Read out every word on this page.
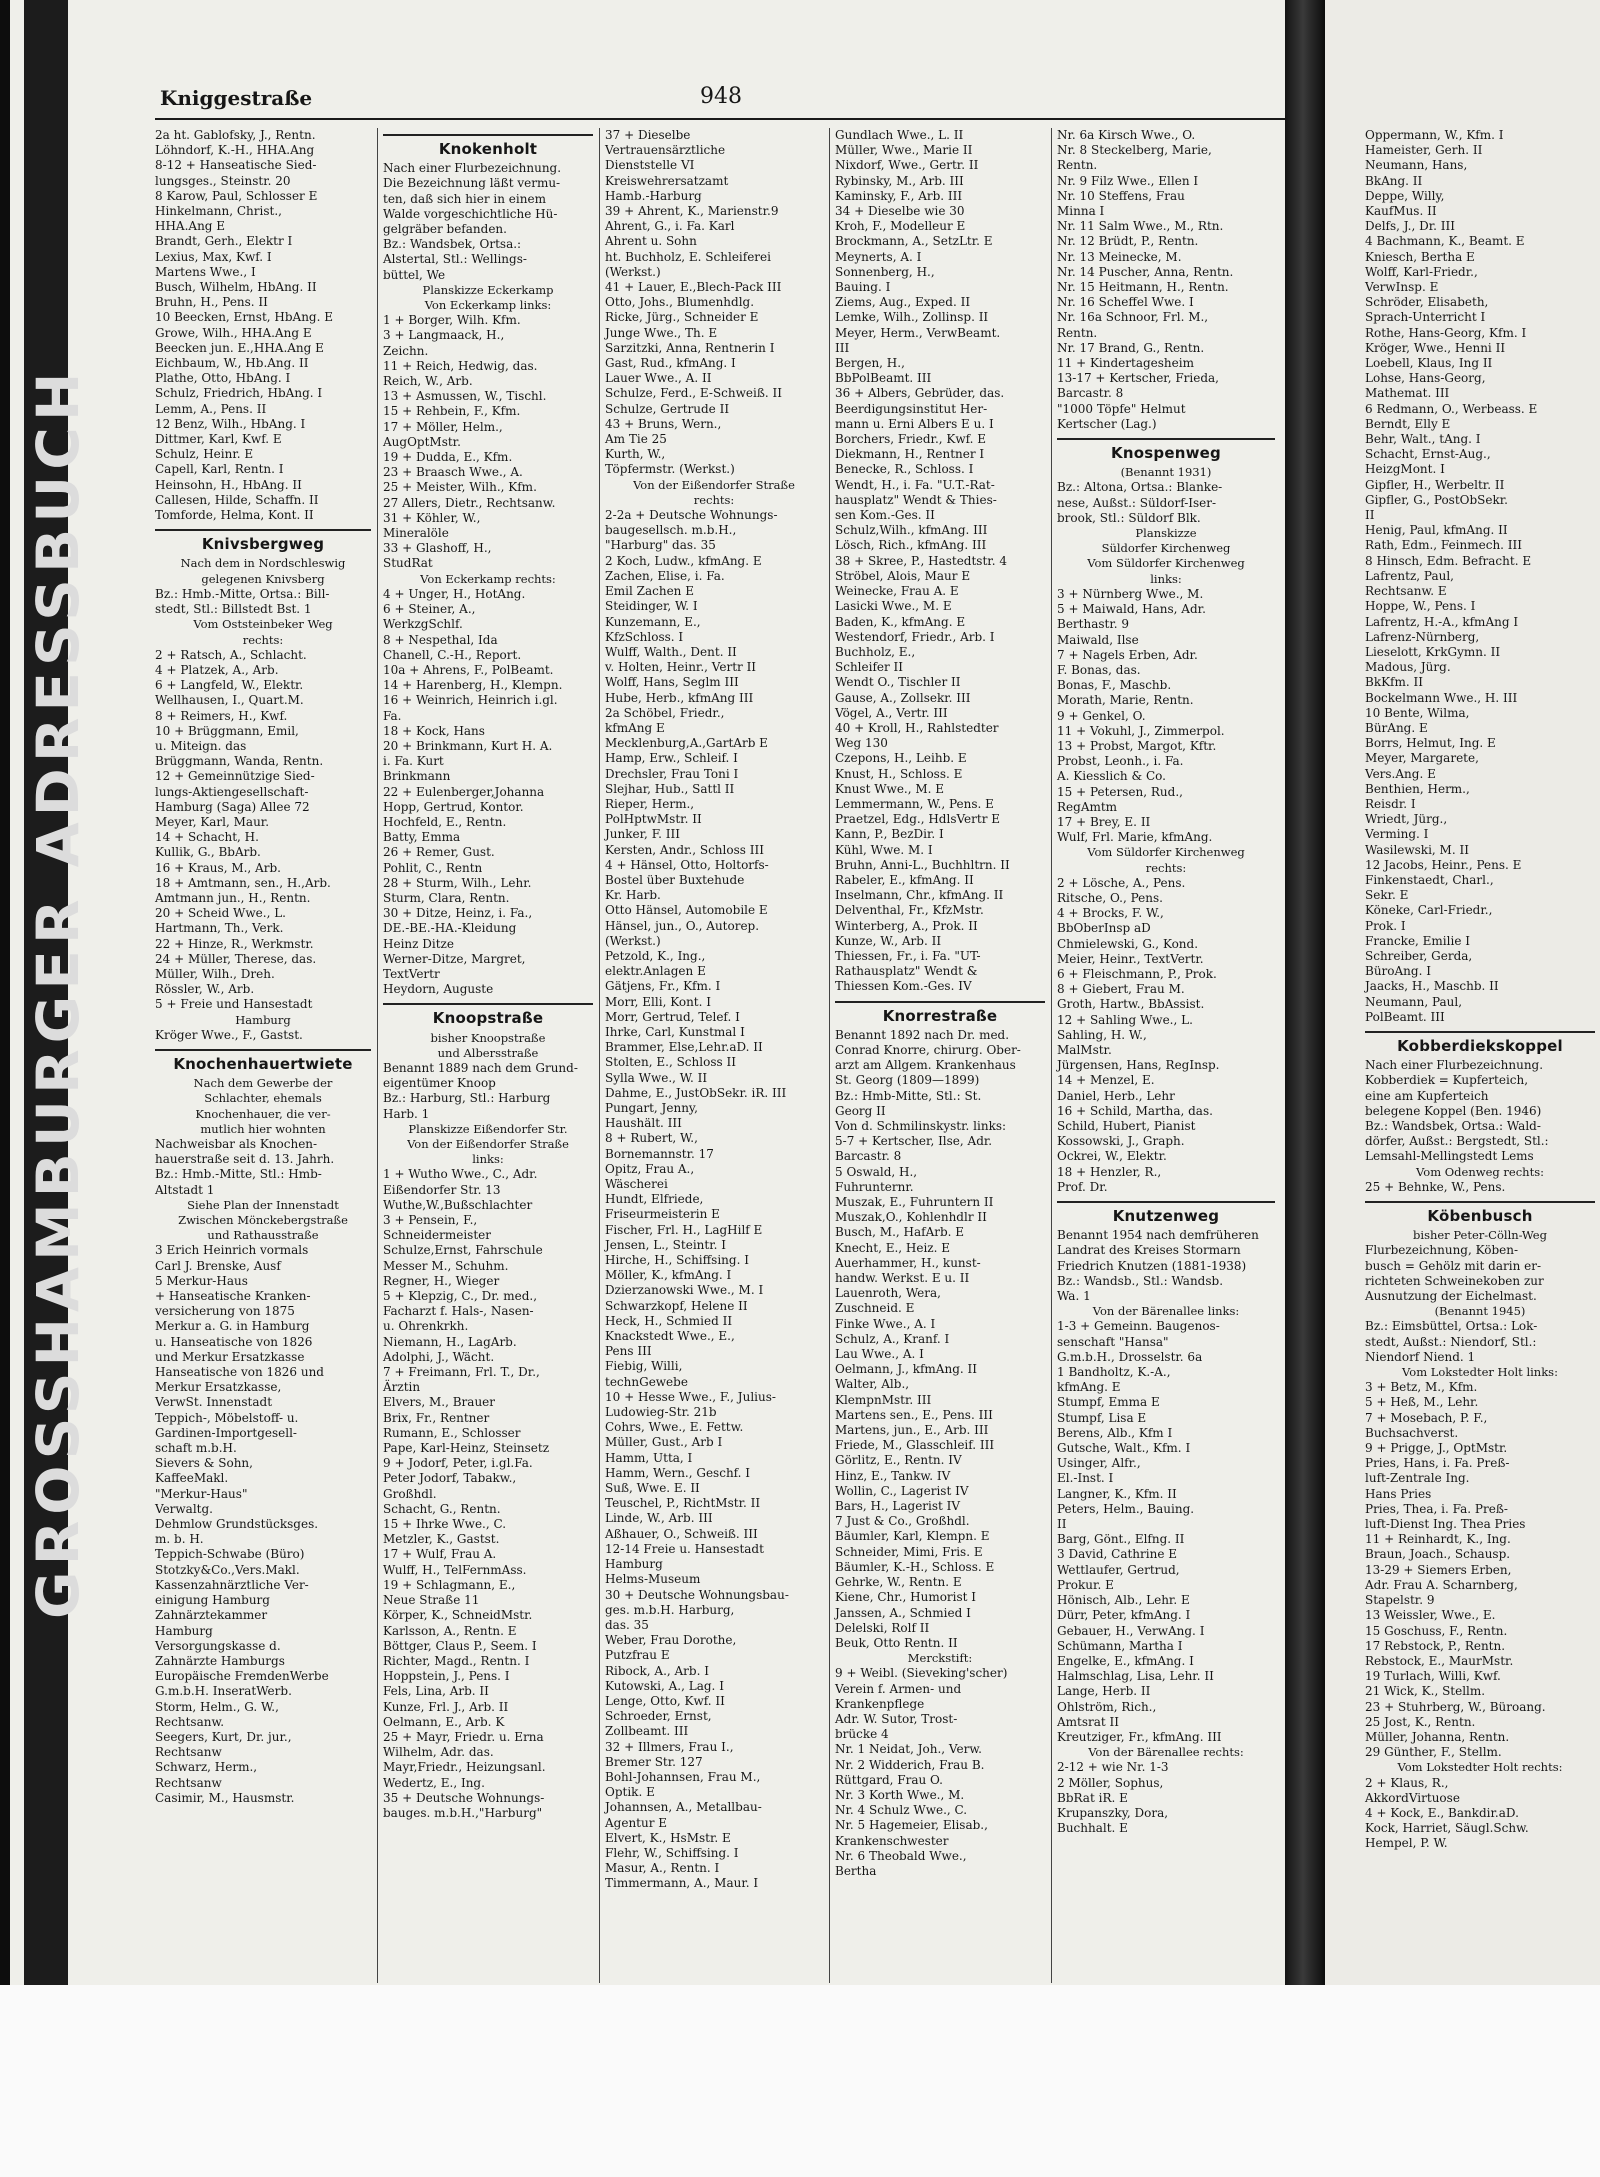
GROSSHAMBURGER ADRESSBUCH
Kniggestraße	948
2a ht. Gablofsky, J., Rentn.
Löhndorf, K.-H., HHA.Ang
8-12 + Hanseatische Sied-
lungsges., Steinstr. 20
8 Karow, Paul, Schlosser E
Hinkelmann, Christ.,
HHA.Ang E
Brandt, Gerh., Elektr I
Lexius, Max, Kwf. I
Martens Wwe., I
Busch, Wilhelm, HbAng. II
Bruhn, H., Pens. II
10 Beecken, Ernst, HbAng. E
Growe, Wilh., HHA.Ang E
Beecken jun. E.,HHA.Ang E
Eichbaum, W., Hb.Ang. II
Plathe, Otto, HbAng. I
Schulz, Friedrich, HbAng. I
Lemm, A., Pens. II
12 Benz, Wilh., HbAng. I
Dittmer, Karl, Kwf. E
Schulz, Heinr. E
Capell, Karl, Rentn. I
Heinsohn, H., HbAng. II
Callesen, Hilde, Schaffn. II
Tomforde, Helma, Kont. II
Knivsbergweg
Nach dem in Nordschleswig
gelegenen Knivsberg
Bz.: Hmb.-Mitte, Ortsa.: Bill-
stedt, Stl.: Billstedt Bst. 1
Vom Oststeinbeker Weg
rechts:
2 + Ratsch, A., Schlacht.
4 + Platzek, A., Arb.
6 + Langfeld, W., Elektr.
Wellhausen, I., Quart.M.
8 + Reimers, H., Kwf.
10 + Brüggmann, Emil,
u. Miteign. das
Brüggmann, Wanda, Rentn.
12 + Gemeinnützige Sied-
lungs-Aktiengesellschaft-
Hamburg (Saga) Allee 72
Meyer, Karl, Maur.
14 + Schacht, H.
Kullik, G., BbArb.
16 + Kraus, M., Arb.
18 + Amtmann, sen., H.,Arb.
Amtmann jun., H., Rentn.
20 + Scheid Wwe., L.
Hartmann, Th., Verk.
22 + Hinze, R., Werkmstr.
24 + Müller, Therese, das.
Müller, Wilh., Dreh.
Rössler, W., Arb.
5 + Freie und Hansestadt
Hamburg
Kröger Wwe., F., Gastst.
Knochenhauertwiete
Nach dem Gewerbe der
Schlachter, ehemals
Knochenhauer, die ver-
mutlich hier wohnten
Nachweisbar als Knochen-
hauerstraße seit d. 13. Jahrh.
Bz.: Hmb.-Mitte, Stl.: Hmb-
Altstadt 1
Siehe Plan der Innenstadt
Zwischen Mönckebergstraße
und Rathausstraße
3 Erich Heinrich vormals
Carl J. Brenske, Ausf
5 Merkur-Haus
+ Hanseatische Kranken-
versicherung von 1875
Merkur a. G. in Hamburg
u. Hanseatische von 1826
und Merkur Ersatzkasse
Hanseatische von 1826 und
Merkur Ersatzkasse,
VerwSt. Innenstadt
Teppich-, Möbelstoff- u.
Gardinen-Importgesell-
schaft m.b.H.
Sievers & Sohn,
KaffeeMakl.
"Merkur-Haus"
Verwaltg.
Dehmlow Grundstücksges.
m. b. H.
Teppich-Schwabe (Büro)
Stotzky&Co.,Vers.Makl.
Kassenzahnärztliche Ver-
einigung Hamburg
Zahnärztekammer
Hamburg
Versorgungskasse d.
Zahnärzte Hamburgs
Europäische FremdenWerbe
G.m.b.H. InseratWerb.
Storm, Helm., G. W.,
Rechtsanw.
Seegers, Kurt, Dr. jur.,
Rechtsanw
Schwarz, Herm.,
Rechtsanw
Casimir, M., Hausmstr.
Knokenholt
Nach einer Flurbezeichnung.
Die Bezeichnung läßt vermu-
ten, daß sich hier in einem
Walde vorgeschichtliche Hü-
gelgräber befanden.
Bz.: Wandsbek, Ortsa.:
Alstertal, Stl.: Wellings-
büttel, We
Planskizze Eckerkamp
Von Eckerkamp links:
1 + Borger, Wilh. Kfm.
3 + Langmaack, H.,
Zeichn.
11 + Reich, Hedwig, das.
Reich, W., Arb.
13 + Asmussen, W., Tischl.
15 + Rehbein, F., Kfm.
17 + Möller, Helm.,
AugOptMstr.
19 + Dudda, E., Kfm.
23 + Braasch Wwe., A.
25 + Meister, Wilh., Kfm.
27 Allers, Dietr., Rechtsanw.
31 + Köhler, W.,
Mineralöle
33 + Glashoff, H.,
StudRat
Von Eckerkamp rechts:
4 + Unger, H., HotAng.
6 + Steiner, A.,
WerkzgSchlf.
8 + Nespethal, Ida
Chanell, C.-H., Report.
10a + Ahrens, F., PolBeamt.
14 + Harenberg, H., Klempn.
16 + Weinrich, Heinrich i.gl.
Fa.
18 + Kock, Hans
20 + Brinkmann, Kurt H. A.
i. Fa. Kurt
Brinkmann
22 + Eulenberger,Johanna
Hopp, Gertrud, Kontor.
Hochfeld, E., Rentn.
Batty, Emma
26 + Remer, Gust.
Pohlit, C., Rentn
28 + Sturm, Wilh., Lehr.
Sturm, Clara, Rentn.
30 + Ditze, Heinz, i. Fa.,
DE.-BE.-HA.-Kleidung
Heinz Ditze
Werner-Ditze, Margret,
TextVertr
Heydorn, Auguste
Knoopstraße
bisher Knoopstraße
und Albersstraße
Benannt 1889 nach dem Grund-
eigentümer Knoop
Bz.: Harburg, Stl.: Harburg
Harb. 1
Planskizze Eißendorfer Str.
Von der Eißendorfer Straße
links:
1 + Wutho Wwe., C., Adr.
Eißendorfer Str. 13
Wuthe,W.,Bußschlachter
3 + Pensein, F.,
Schneidermeister
Schulze,Ernst, Fahrschule
Messer M., Schuhm.
Regner, H., Wieger
5 + Klepzig, C., Dr. med.,
Facharzt f. Hals-, Nasen-
u. Ohrenkrkh.
Niemann, H., LagArb.
Adolphi, J., Wächt.
7 + Freimann, Frl. T., Dr.,
Ärztin
Elvers, M., Brauer
Brix, Fr., Rentner
Rumann, E., Schlosser
Pape, Karl-Heinz, Steinsetz
9 + Jodorf, Peter, i.gl.Fa.
Peter Jodorf, Tabakw.,
Großhdl.
Schacht, G., Rentn.
15 + Ihrke Wwe., C.
Metzler, K., Gastst.
17 + Wulf, Frau A.
Wulff, H., TelFernmAss.
19 + Schlagmann, E.,
Neue Straße 11
Körper, K., SchneidMstr.
Karlsson, A., Rentn. E
Böttger, Claus P., Seem. I
Richter, Magd., Rentn. I
Hoppstein, J., Pens. I
Fels, Lina, Arb. II
Kunze, Frl. J., Arb. II
Oelmann, E., Arb. K
25 + Mayr, Friedr. u. Erna
Wilhelm, Adr. das.
Mayr,Friedr., Heizungsanl.
Wedertz, E., Ing.
35 + Deutsche Wohnungs-
bauges. m.b.H.,"Harburg"
37 + Dieselbe
Vertrauensärztliche
Dienststelle VI
Kreiswehrersatzamt
Hamb.-Harburg
39 + Ahrent, K., Marienstr.9
Ahrent, G., i. Fa. Karl
Ahrent u. Sohn
ht. Buchholz, E. Schleiferei
(Werkst.)
41 + Lauer, E.,Blech-Pack III
Otto, Johs., Blumenhdlg.
Ricke, Jürg., Schneider E
Junge Wwe., Th. E
Sarzitzki, Anna, Rentnerin I
Gast, Rud., kfmAng. I
Lauer Wwe., A. II
Schulze, Ferd., E-Schweiß. II
Schulze, Gertrude II
43 + Bruns, Wern.,
Am Tie 25
Kurth, W.,
Töpfermstr. (Werkst.)
Von der Eißendorfer Straße
rechts:
2-2a + Deutsche Wohnungs-
baugesellsch. m.b.H.,
"Harburg" das. 35
2 Koch, Ludw., kfmAng. E
Zachen, Elise, i. Fa.
Emil Zachen E
Steidinger, W. I
Kunzemann, E.,
KfzSchloss. I
Wulff, Walth., Dent. II
v. Holten, Heinr., Vertr II
Wolff, Hans, Seglm III
Hube, Herb., kfmAng III
2a Schöbel, Friedr.,
kfmAng E
Mecklenburg,A.,GartArb E
Hamp, Erw., Schleif. I
Drechsler, Frau Toni I
Slejhar, Hub., Sattl II
Rieper, Herm.,
PolHptwMstr. II
Junker, F. III
Kersten, Andr., Schloss III
4 + Hänsel, Otto, Holtorfs-
Bostel über Buxtehude
Kr. Harb.
Otto Hänsel, Automobile E
Hänsel, jun., O., Autorep.
(Werkst.)
Petzold, K., Ing.,
elektr.Anlagen E
Gätjens, Fr., Kfm. I
Morr, Elli, Kont. I
Morr, Gertrud, Telef. I
Ihrke, Carl, Kunstmal I
Brammer, Else,Lehr.aD. II
Stolten, E., Schloss II
Sylla Wwe., W. II
Dahme, E., JustObSekr. iR. III
Pungart, Jenny,
Haushält. III
8 + Rubert, W.,
Bornemannstr. 17
Opitz, Frau A.,
Wäscherei
Hundt, Elfriede,
Friseurmeisterin E
Fischer, Frl. H., LagHilf E
Jensen, L., Steintr. I
Hirche, H., Schiffsing. I
Möller, K., kfmAng. I
Dzierzanowski Wwe., M. I
Schwarzkopf, Helene II
Heck, H., Schmied II
Knackstedt Wwe., E.,
Pens III
Fiebig, Willi,
technGewebe
10 + Hesse Wwe., F., Julius-
Ludowieg-Str. 21b
Cohrs, Wwe., E. Fettw.
Müller, Gust., Arb I
Hamm, Utta, I
Hamm, Wern., Geschf. I
Suß, Wwe. E. II
Teuschel, P., RichtMstr. II
Linde, W., Arb. III
Aßhauer, O., Schweiß. III
12-14 Freie u. Hansestadt
Hamburg
Helms-Museum
30 + Deutsche Wohnungsbau-
ges. m.b.H. Harburg,
das. 35
Weber, Frau Dorothe,
Putzfrau E
Ribock, A., Arb. I
Kutowski, A., Lag. I
Lenge, Otto, Kwf. II
Schroeder, Ernst,
Zollbeamt. III
32 + Illmers, Frau I.,
Bremer Str. 127
Bohl-Johannsen, Frau M.,
Optik. E
Johannsen, A., Metallbau-
Agentur E
Elvert, K., HsMstr. E
Flehr, W., Schiffsing. I
Masur, A., Rentn. I
Timmermann, A., Maur. I
Gundlach Wwe., L. II
Müller, Wwe., Marie II
Nixdorf, Wwe., Gertr. II
Rybinsky, M., Arb. III
Kaminsky, F., Arb. III
34 + Dieselbe wie 30
Kroh, F., Modelleur E
Brockmann, A., SetzLtr. E
Meynerts, A. I
Sonnenberg, H.,
Bauing. I
Ziems, Aug., Exped. II
Lemke, Wilh., Zollinsp. II
Meyer, Herm., VerwBeamt.
III
Bergen, H.,
BbPolBeamt. III
36 + Albers, Gebrüder, das.
Beerdigungsinstitut Her-
mann u. Erni Albers E u. I
Borchers, Friedr., Kwf. E
Diekmann, H., Rentner I
Benecke, R., Schloss. I
Wendt, H., i. Fa. "U.T.-Rat-
hausplatz" Wendt & Thies-
sen Kom.-Ges. II
Schulz,Wilh., kfmAng. III
Lösch, Rich., kfmAng. III
38 + Skree, P., Hastedtstr. 4
Ströbel, Alois, Maur E
Weinecke, Frau A. E
Lasicki Wwe., M. E
Baden, K., kfmAng. E
Westendorf, Friedr., Arb. I
Buchholz, E.,
Schleifer II
Wendt O., Tischler II
Gause, A., Zollsekr. III
Vögel, A., Vertr. III
40 + Kroll, H., Rahlstedter
Weg 130
Czepons, H., Leihb. E
Knust, H., Schloss. E
Knust Wwe., M. E
Lemmermann, W., Pens. E
Praetzel, Edg., HdlsVertr E
Kann, P., BezDir. I
Kühl, Wwe. M. I
Bruhn, Anni-L., Buchhltrn. II
Rabeler, E., kfmAng. II
Inselmann, Chr., kfmAng. II
Delventhal, Fr., KfzMstr.
Winterberg, A., Prok. II
Kunze, W., Arb. II
Thiessen, Fr., i. Fa. "UT-
Rathausplatz" Wendt &
Thiessen Kom.-Ges. IV
Knorrestraße
Benannt 1892 nach Dr. med.
Conrad Knorre, chirurg. Ober-
arzt am Allgem. Krankenhaus
St. Georg (1809—1899)
Bz.: Hmb-Mitte, Stl.: St.
Georg II
Von d. Schmilinskystr. links:
5-7 + Kertscher, Ilse, Adr.
Barcastr. 8
5 Oswald, H.,
Fuhrunternr.
Muszak, E., Fuhruntern II
Muszak,O., Kohlenhdlr II
Busch, M., HafArb. E
Knecht, E., Heiz. E
Auerhammer, H., kunst-
handw. Werkst. E u. II
Lauenroth, Wera,
Zuschneid. E
Finke Wwe., A. I
Schulz, A., Kranf. I
Lau Wwe., A. I
Oelmann, J., kfmAng. II
Walter, Alb.,
KlempnMstr. III
Martens sen., E., Pens. III
Martens, jun., E., Arb. III
Friede, M., Glasschleif. III
Görlitz, E., Rentn. IV
Hinz, E., Tankw. IV
Wollin, C., Lagerist IV
Bars, H., Lagerist IV
7 Just & Co., Großhdl.
Bäumler, Karl, Klempn. E
Schneider, Mimi, Fris. E
Bäumler, K.-H., Schloss. E
Gehrke, W., Rentn. E
Kiene, Chr., Humorist I
Janssen, A., Schmied I
Delelski, Rolf II
Beuk, Otto Rentn. II
Merckstift:
9 + Weibl. (Sieveking'scher)
Verein f. Armen- und
Krankenpflege
Adr. W. Sutor, Trost-
brücke 4
Nr. 1 Neidat, Joh., Verw.
Nr. 2 Widderich, Frau B.
Rüttgard, Frau O.
Nr. 3 Korth Wwe., M.
Nr. 4 Schulz Wwe., C.
Nr. 5 Hagemeier, Elisab.,
Krankenschwester
Nr. 6 Theobald Wwe.,
Bertha
Nr. 6a Kirsch Wwe., O.
Nr. 8 Steckelberg, Marie,
Rentn.
Nr. 9 Filz Wwe., Ellen I
Nr. 10 Steffens, Frau
Minna I
Nr. 11 Salm Wwe., M., Rtn.
Nr. 12 Brüdt, P., Rentn.
Nr. 13 Meinecke, M.
Nr. 14 Puscher, Anna, Rentn.
Nr. 15 Heitmann, H., Rentn.
Nr. 16 Scheffel Wwe. I
Nr. 16a Schnoor, Frl. M.,
Rentn.
Nr. 17 Brand, G., Rentn.
11 + Kindertagesheim
13-17 + Kertscher, Frieda,
Barcastr. 8
"1000 Töpfe" Helmut
Kertscher (Lag.)
Knospenweg
(Benannt 1931)
Bz.: Altona, Ortsa.: Blanke-
nese, Außst.: Süldorf-Iser-
brook, Stl.: Süldorf Blk.
Planskizze
Süldorfer Kirchenweg
Vom Süldorfer Kirchenweg
links:
3 + Nürnberg Wwe., M.
5 + Maiwald, Hans, Adr.
Berthastr. 9
Maiwald, Ilse
7 + Nagels Erben, Adr.
F. Bonas, das.
Bonas, F., Maschb.
Morath, Marie, Rentn.
9 + Genkel, O.
11 + Vokuhl, J., Zimmerpol.
13 + Probst, Margot, Kftr.
Probst, Leonh., i. Fa.
A. Kiesslich & Co.
15 + Petersen, Rud.,
RegAmtm
17 + Brey, E. II
Wulf, Frl. Marie, kfmAng.
Vom Süldorfer Kirchenweg
rechts:
2 + Lösche, A., Pens.
Ritsche, O., Pens.
4 + Brocks, F. W.,
BbOberInsp aD
Chmielewski, G., Kond.
Meier, Heinr., TextVertr.
6 + Fleischmann, P., Prok.
8 + Giebert, Frau M.
Groth, Hartw., BbAssist.
12 + Sahling Wwe., L.
Sahling, H. W.,
MalMstr.
Jürgensen, Hans, RegInsp.
14 + Menzel, E.
Daniel, Herb., Lehr
16 + Schild, Martha, das.
Schild, Hubert, Pianist
Kossowski, J., Graph.
Ockrei, W., Elektr.
18 + Henzler, R.,
Prof. Dr.
Knutzenweg
Benannt 1954 nach demfrüheren
Landrat des Kreises Stormarn
Friedrich Knutzen (1881-1938)
Bz.: Wandsb., Stl.: Wandsb.
Wa. 1
Von der Bärenallee links:
1-3 + Gemeinn. Baugenos-
senschaft "Hansa"
G.m.b.H., Drosselstr. 6a
1 Bandholtz, K.-A.,
kfmAng. E
Stumpf, Emma E
Stumpf, Lisa E
Berens, Alb., Kfm I
Gutsche, Walt., Kfm. I
Usinger, Alfr.,
El.-Inst. I
Langner, K., Kfm. II
Peters, Helm., Bauing.
II
Barg, Gönt., Elfng. II
3 David, Cathrine E
Wettlaufer, Gertrud,
Prokur. E
Hönisch, Alb., Lehr. E
Dürr, Peter, kfmAng. I
Gebauer, H., VerwAng. I
Schümann, Martha I
Engelke, E., kfmAng. I
Halmschlag, Lisa, Lehr. II
Lange, Herb. II
Ohlström, Rich.,
Amtsrat II
Kreutziger, Fr., kfmAng. III
Von der Bärenallee rechts:
2-12 + wie Nr. 1-3
2 Möller, Sophus,
BbRat iR. E
Krupanszky, Dora,
Buchhalt. E
Oppermann, W., Kfm. I
Hameister, Gerh. II
Neumann, Hans,
BkAng. II
Deppe, Willy,
KaufMus. II
Delfs, J., Dr. III
4 Bachmann, K., Beamt. E
Kniesch, Bertha E
Wolff, Karl-Friedr.,
VerwInsp. E
Schröder, Elisabeth,
Sprach-Unterricht I
Rothe, Hans-Georg, Kfm. I
Kröger, Wwe., Henni II
Loebell, Klaus, Ing II
Lohse, Hans-Georg,
Mathemat. III
6 Redmann, O., Werbeass. E
Berndt, Elly E
Behr, Walt., tAng. I
Schacht, Ernst-Aug.,
HeizgMont. I
Gipfler, H., Werbeltr. II
Gipfler, G., PostObSekr.
II
Henig, Paul, kfmAng. II
Rath, Edm., Feinmech. III
8 Hinsch, Edm. Befracht. E
Lafrentz, Paul,
Rechtsanw. E
Hoppe, W., Pens. I
Lafrentz, H.-A., kfmAng I
Lafrenz-Nürnberg,
Lieselott, KrkGymn. II
Madous, Jürg.
BkKfm. II
Bockelmann Wwe., H. III
10 Bente, Wilma,
BürAng. E
Borrs, Helmut, Ing. E
Meyer, Margarete,
Vers.Ang. E
Benthien, Herm.,
Reisdr. I
Wriedt, Jürg.,
Verming. I
Wasilewski, M. II
12 Jacobs, Heinr., Pens. E
Finkenstaedt, Charl.,
Sekr. E
Köneke, Carl-Friedr.,
Prok. I
Francke, Emilie I
Schreiber, Gerda,
BüroAng. I
Jaacks, H., Maschb. II
Neumann, Paul,
PolBeamt. III
Kobberdiekskoppel
Nach einer Flurbezeichnung.
Kobberdiek = Kupferteich,
eine am Kupferteich
belegene Koppel (Ben. 1946)
Bz.: Wandsbek, Ortsa.: Wald-
dörfer, Außst.: Bergstedt, Stl.:
Lemsahl-Mellingstedt Lems
Vom Odenweg rechts:
25 + Behnke, W., Pens.
Köbenbusch
bisher Peter-Cölln-Weg
Flurbezeichnung, Köben-
busch = Gehölz mit darin er-
richteten Schweinekoben zur
Ausnutzung der Eichelmast.
(Benannt 1945)
Bz.: Eimsbüttel, Ortsa.: Lok-
stedt, Außst.: Niendorf, Stl.:
Niendorf Niend. 1
Vom Lokstedter Holt links:
3 + Betz, M., Kfm.
5 + Heß, M., Lehr.
7 + Mosebach, P. F.,
Buchsachverst.
9 + Prigge, J., OptMstr.
Pries, Hans, i. Fa. Preß-
luft-Zentrale Ing.
Hans Pries
Pries, Thea, i. Fa. Preß-
luft-Dienst Ing. Thea Pries
11 + Reinhardt, K., Ing.
Braun, Joach., Schausp.
13-29 + Siemers Erben,
Adr. Frau A. Scharnberg,
Stapelstr. 9
13 Weissler, Wwe., E.
15 Goschuss, F., Rentn.
17 Rebstock, P., Rentn.
Rebstock, E., MaurMstr.
19 Turlach, Willi, Kwf.
21 Wick, K., Stellm.
23 + Stuhrberg, W., Büroang.
25 Jost, K., Rentn.
Müller, Johanna, Rentn.
29 Günther, F., Stellm.
Vom Lokstedter Holt rechts:
2 + Klaus, R.,
AkkordVirtuose
4 + Kock, E., Bankdir.aD.
Kock, Harriet, Säugl.Schw.
Hempel, P. W.
